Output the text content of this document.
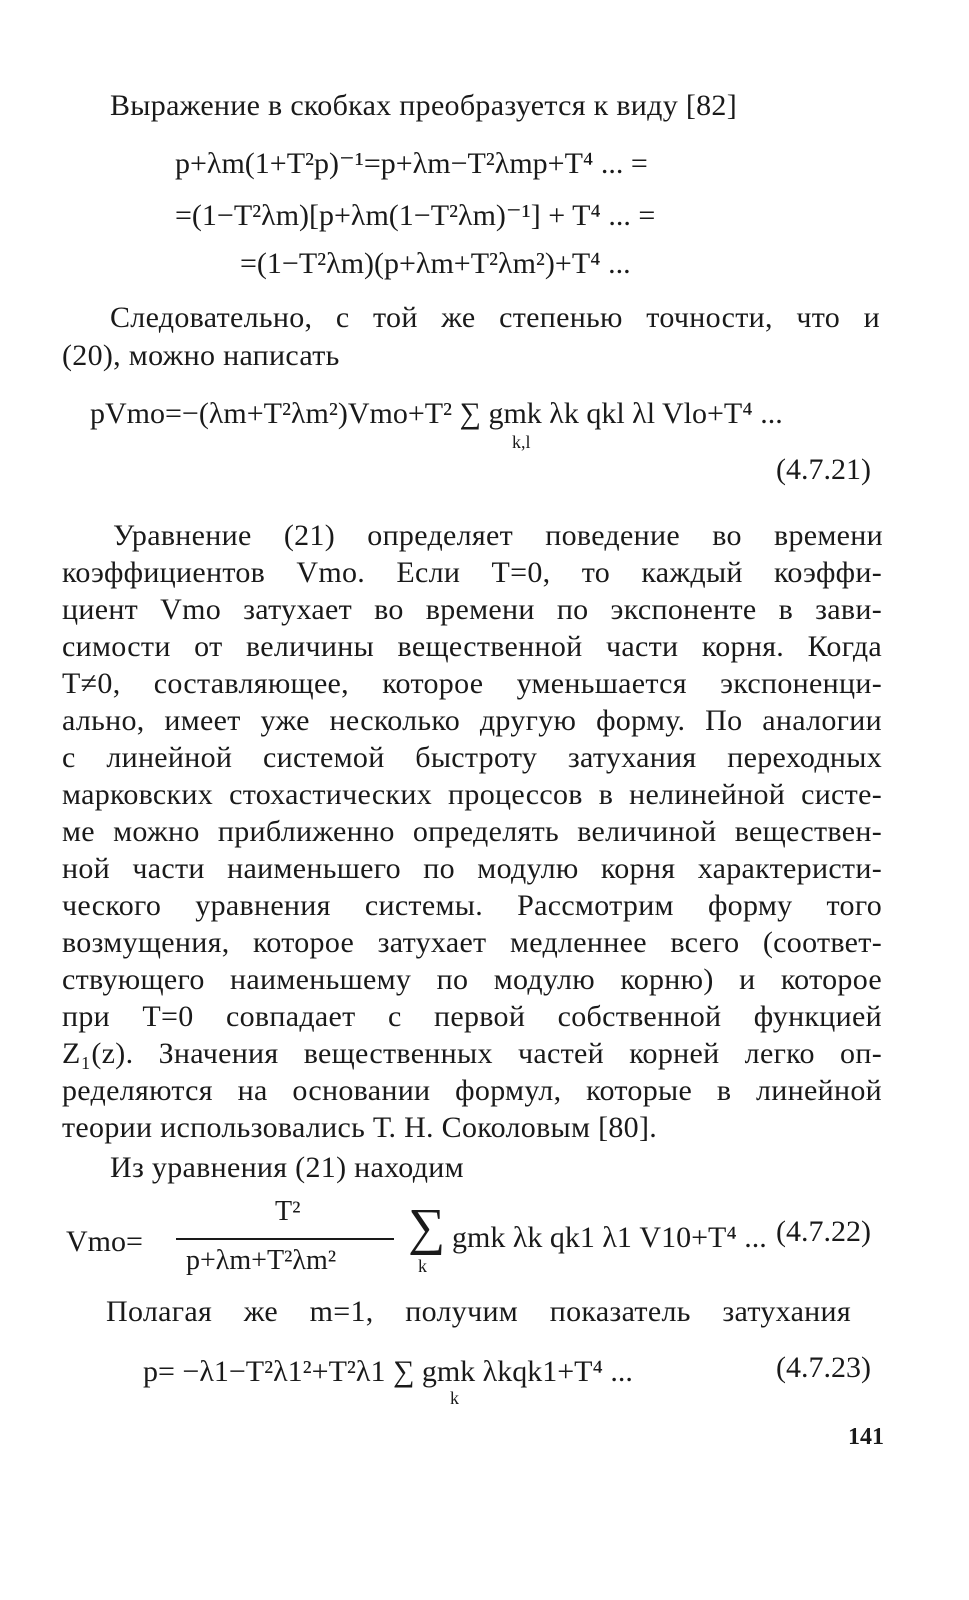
Выражение в скобках преобразуется к виду [82]
p+λm(1+T²p)⁻¹=p+λm−T²λmp+T⁴ ... =
=(1−T²λm)[p+λm(1−T²λm)⁻¹] + T⁴ ... =
=(1−T²λm)(p+λm+T²λm²)+T⁴ ...
Следовательно, с той же степенью точности, что и
(20), можно написать
pVmo=−(λm+T²λm²)Vmo+T² ∑ gmk λk qkl λl Vlo+T⁴ ...
k,l
(4.7.21)
Уравнение (21) определяет поведение во времени
коэффициентов Vmo. Если T=0, то каждый коэффи-
циент Vmo затухает во времени по экспоненте в зави-
симости от величины вещественной части корня. Когда
T≠0, составляющее, которое уменьшается экспоненци-
ально, имеет уже несколько другую форму. По аналогии
с линейной системой быстроту затухания переходных
марковских стохастических процессов в нелинейной систе-
ме можно приближенно определять величиной веществен-
ной части наименьшего по модулю корня характеристи-
ческого уравнения системы. Рассмотрим форму того
возмущения, которое затухает медленнее всего (соответ-
ствующего наименьшему по модулю корню) и которое
при T=0 совпадает с первой собственной функцией
Z₁(z). Значения вещественных частей корней легко оп-
ределяются на основании формул, которые в линейной
теории использовались Т. Н. Соколовым [80].
Из уравнения (21) находим
Vmo=
T²
p+λm+T²λm²
∑
k
gmk λk qk1 λ1 V10+T⁴ ... (4.7.22)
Полагая же m=1, получим показатель затухания
p= −λ1−T²λ1²+T²λ1 ∑ gmk λkqk1+T⁴ ...
k
(4.7.23)
141
